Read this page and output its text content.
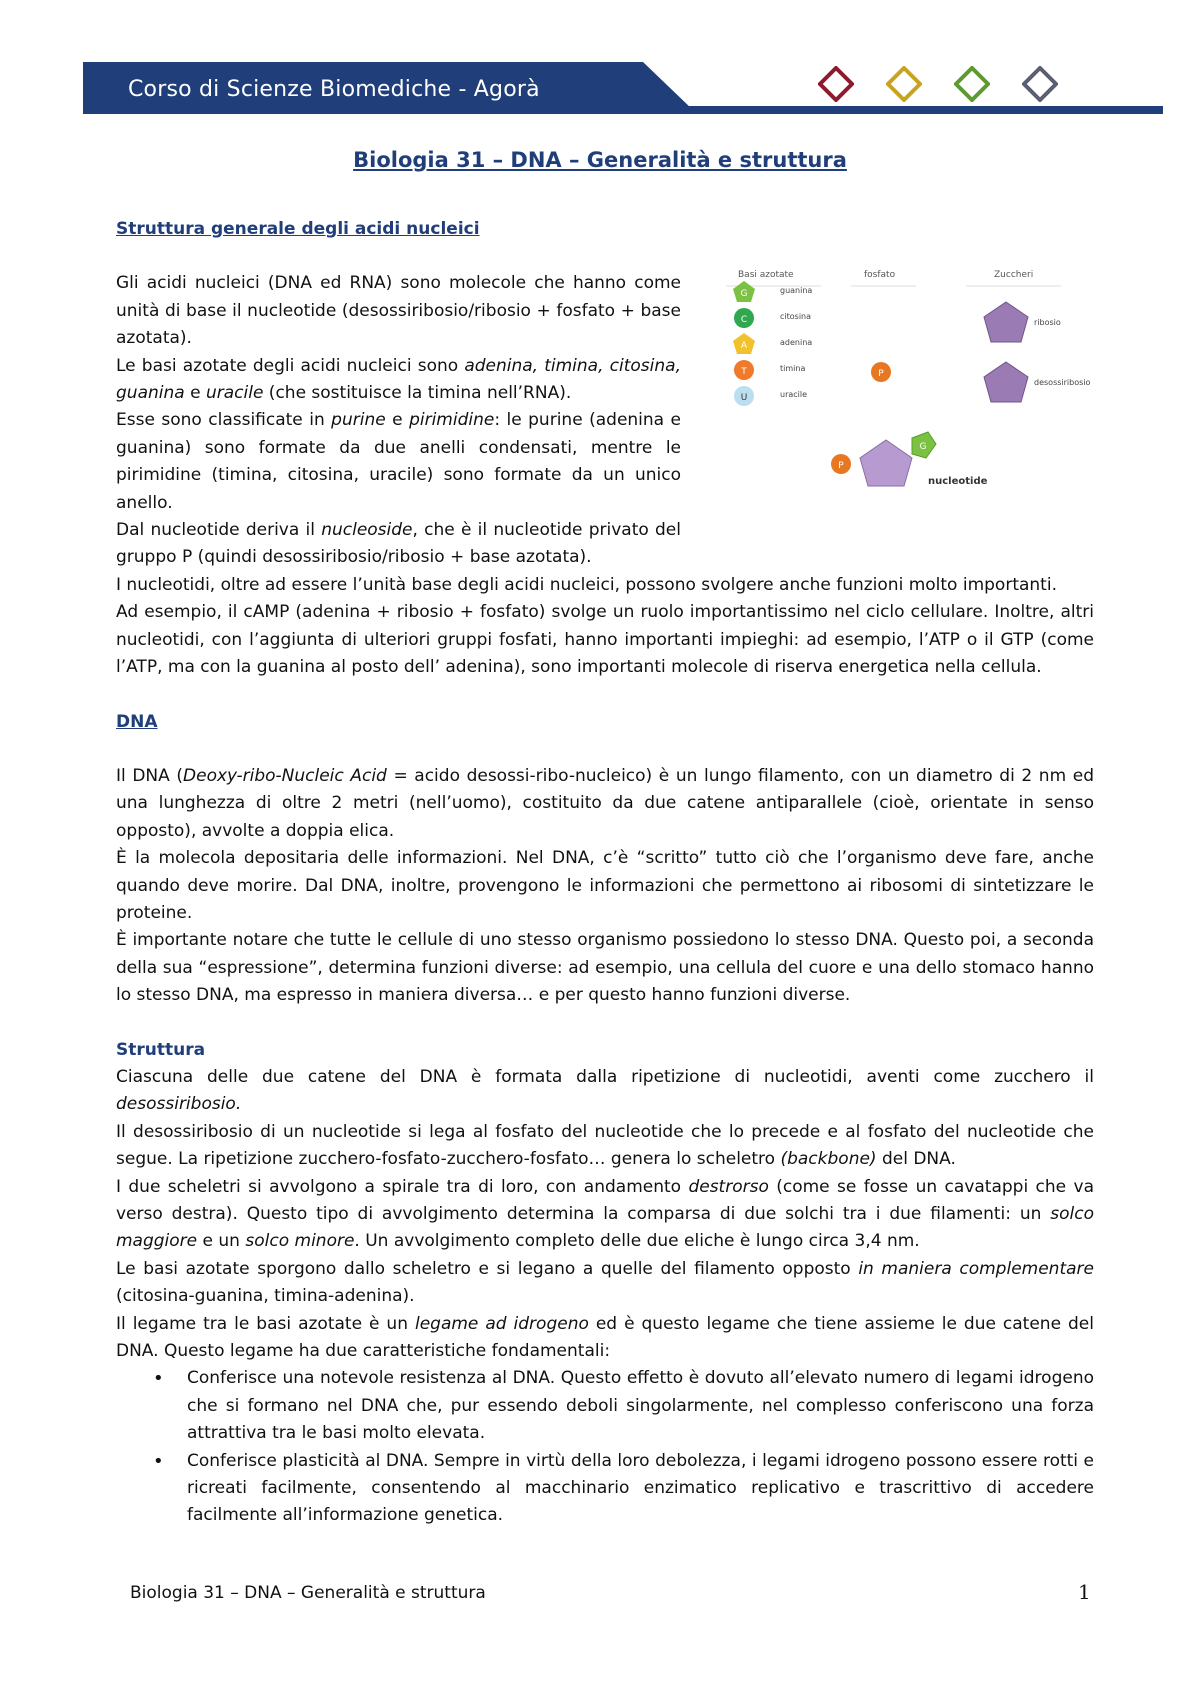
Corso di Scienze Biomediche - Agorà
Biologia 31 – DNA – Generalità e struttura
Basi azotate	fosfato	Zuccheri
G
C
A
T
U
P
P
G
ribosio
desossiribosio
nucleotide
guanina
citosina
adenina
timina
uracile
Struttura generale degli acidi nucleici

Gli acidi nucleici (DNA ed RNA) sono molecole che hanno come unità di base il nucleotide (desossiribosio/ribosio + fosfato + base azotata).

Le basi azotate degli acidi nucleici sono adenina, timina, citosina, guanina e uracile (che sostituisce la timina nell’RNA).

Esse sono classificate in purine e pirimidine: le purine (adenina e guanina) sono formate da due anelli condensati, mentre le pirimidine (timina, citosina, uracile) sono formate da un unico anello.

Dal nucleotide deriva il nucleoside, che è il nucleotide privato del gruppo P (quindi desossiribosio/ribosio + base azotata).

I nucleotidi, oltre ad essere l’unità base degli acidi nucleici, possono svolgere anche funzioni molto importanti.

Ad esempio, il cAMP (adenina + ribosio + fosfato) svolge un ruolo importantissimo nel ciclo cellulare. Inoltre, altri nucleotidi, con l’aggiunta di ulteriori gruppi fosfati, hanno importanti impieghi: ad esempio, l’ATP o il GTP (come l’ATP, ma con la guanina al posto dell’ adenina), sono importanti molecole di riserva energetica nella cellula.

DNA

Il DNA (Deoxy-ribo-Nucleic Acid = acido desossi-ribo-nucleico) è un lungo filamento, con un diametro di 2 nm ed una lunghezza di oltre 2 metri (nell’uomo), costituito da due catene antiparallele (cioè, orientate in senso opposto), avvolte a doppia elica.

È la molecola depositaria delle informazioni. Nel DNA, c’è “scritto” tutto ciò che l’organismo deve fare, anche quando deve morire. Dal DNA, inoltre, provengono le informazioni che permettono ai ribosomi di sintetizzare le proteine.

È importante notare che tutte le cellule di uno stesso organismo possiedono lo stesso DNA. Questo poi, a seconda della sua “espressione”, determina funzioni diverse: ad esempio, una cellula del cuore e una dello stomaco hanno lo stesso DNA, ma espresso in maniera diversa… e per questo hanno funzioni diverse.

Struttura

Ciascuna delle due catene del DNA è formata dalla ripetizione di nucleotidi, aventi come zucchero il desossiribosio.

Il desossiribosio di un nucleotide si lega al fosfato del nucleotide che lo precede e al fosfato del nucleotide che segue. La ripetizione zucchero-fosfato-zucchero-fosfato… genera lo scheletro (backbone) del DNA.

I due scheletri si avvolgono a spirale tra di loro, con andamento destrorso (come se fosse un cavatappi che va verso destra). Questo tipo di avvolgimento determina la comparsa di due solchi tra i due filamenti: un solco maggiore e un solco minore. Un avvolgimento completo delle due eliche è lungo circa 3,4 nm.

Le basi azotate sporgono dallo scheletro e si legano a quelle del filamento opposto in maniera complementare (citosina-guanina, timina-adenina).

Il legame tra le basi azotate è un legame ad idrogeno ed è questo legame che tiene assieme le due catene del DNA. Questo legame ha due caratteristiche fondamentali:

• Conferisce una notevole resistenza al DNA. Questo effetto è dovuto all’elevato numero di legami idrogeno che si formano nel DNA che, pur essendo deboli singolarmente, nel complesso conferiscono una forza attrattiva tra le basi molto elevata.
• Conferisce plasticità al DNA. Sempre in virtù della loro debolezza, i legami idrogeno possono essere rotti e ricreati facilmente, consentendo al macchinario enzimatico replicativo e trascrittivo di accedere facilmente all’informazione genetica.
Biologia 31 – DNA – Generalità e struttura	1
